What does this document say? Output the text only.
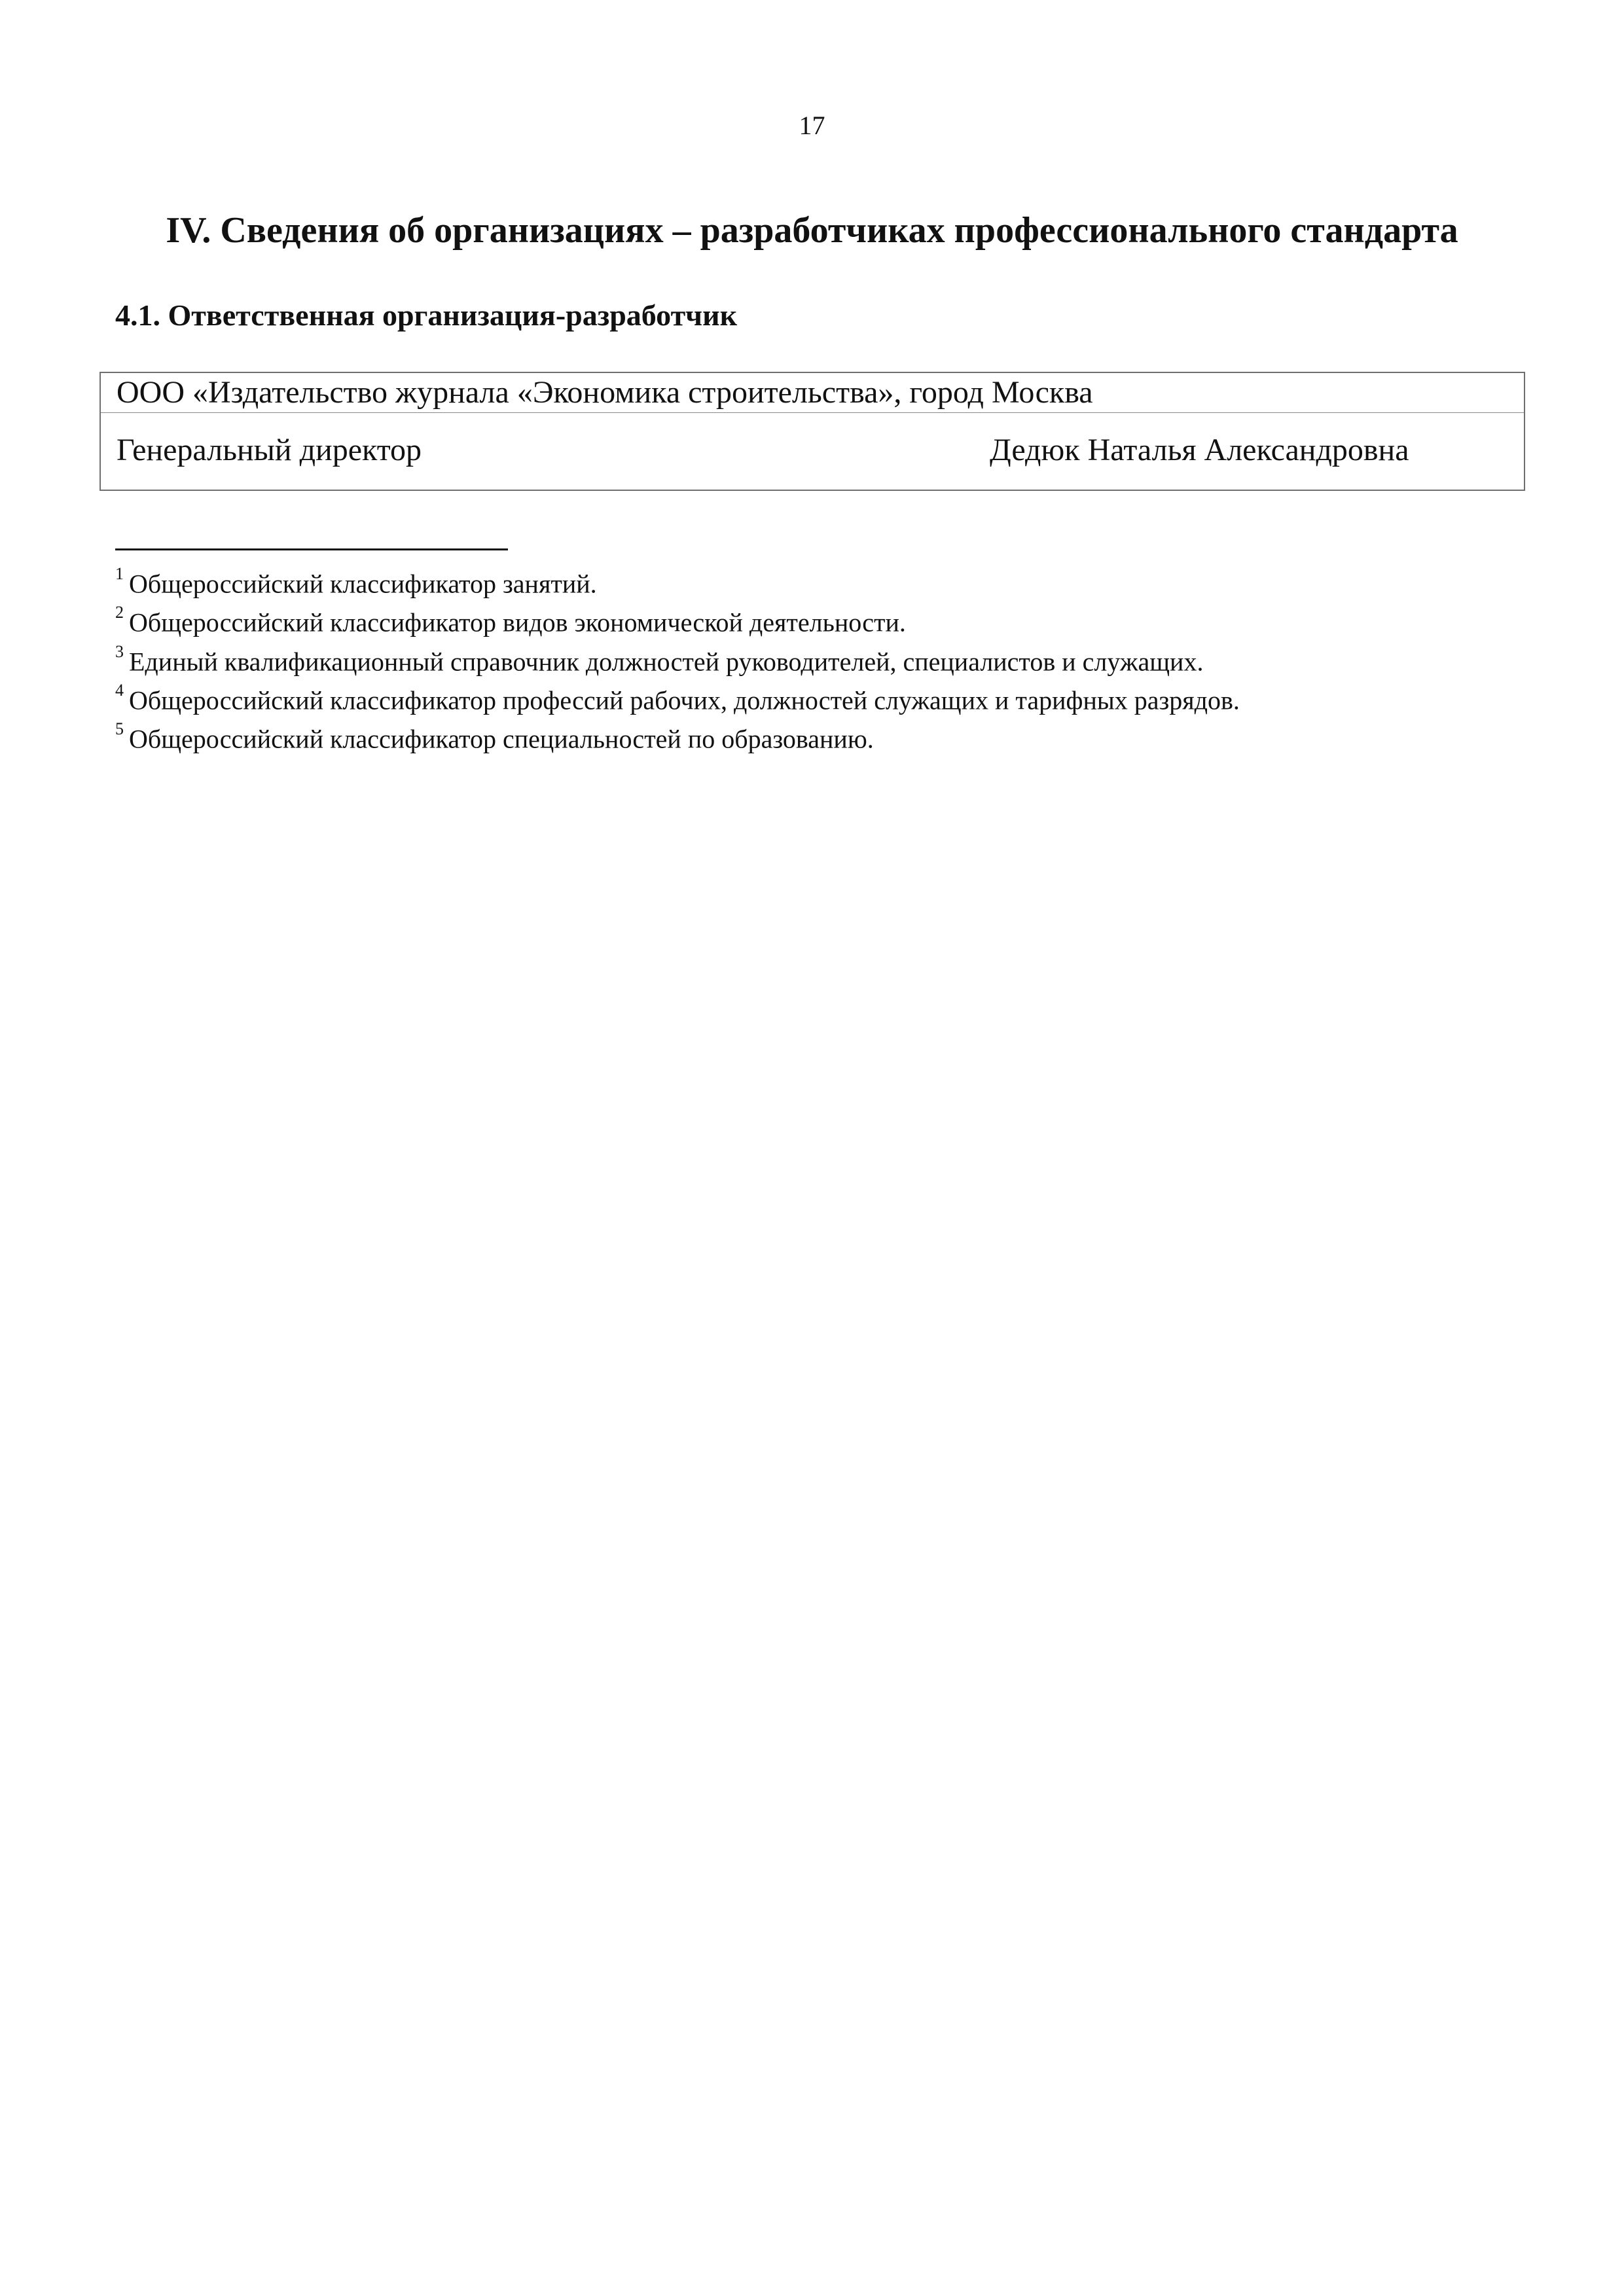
17
IV. Сведения об организациях – разработчиках профессионального стандарта
4.1. Ответственная организация-разработчик
ООО «Издательство журнала «Экономика строительства», город Москва
Генеральный директор	Дедюк Наталья Александровна
$^1$ Общероссийский классификатор занятий.
$^2$ Общероссийский классификатор видов экономической деятельности.
$^3$ Единый квалификационный справочник должностей руководителей, специалистов и служащих.
$^4$ Общероссийский классификатор профессий рабочих, должностей служащих и тарифных разрядов.
$^5$ Общероссийский классификатор специальностей по образованию.
